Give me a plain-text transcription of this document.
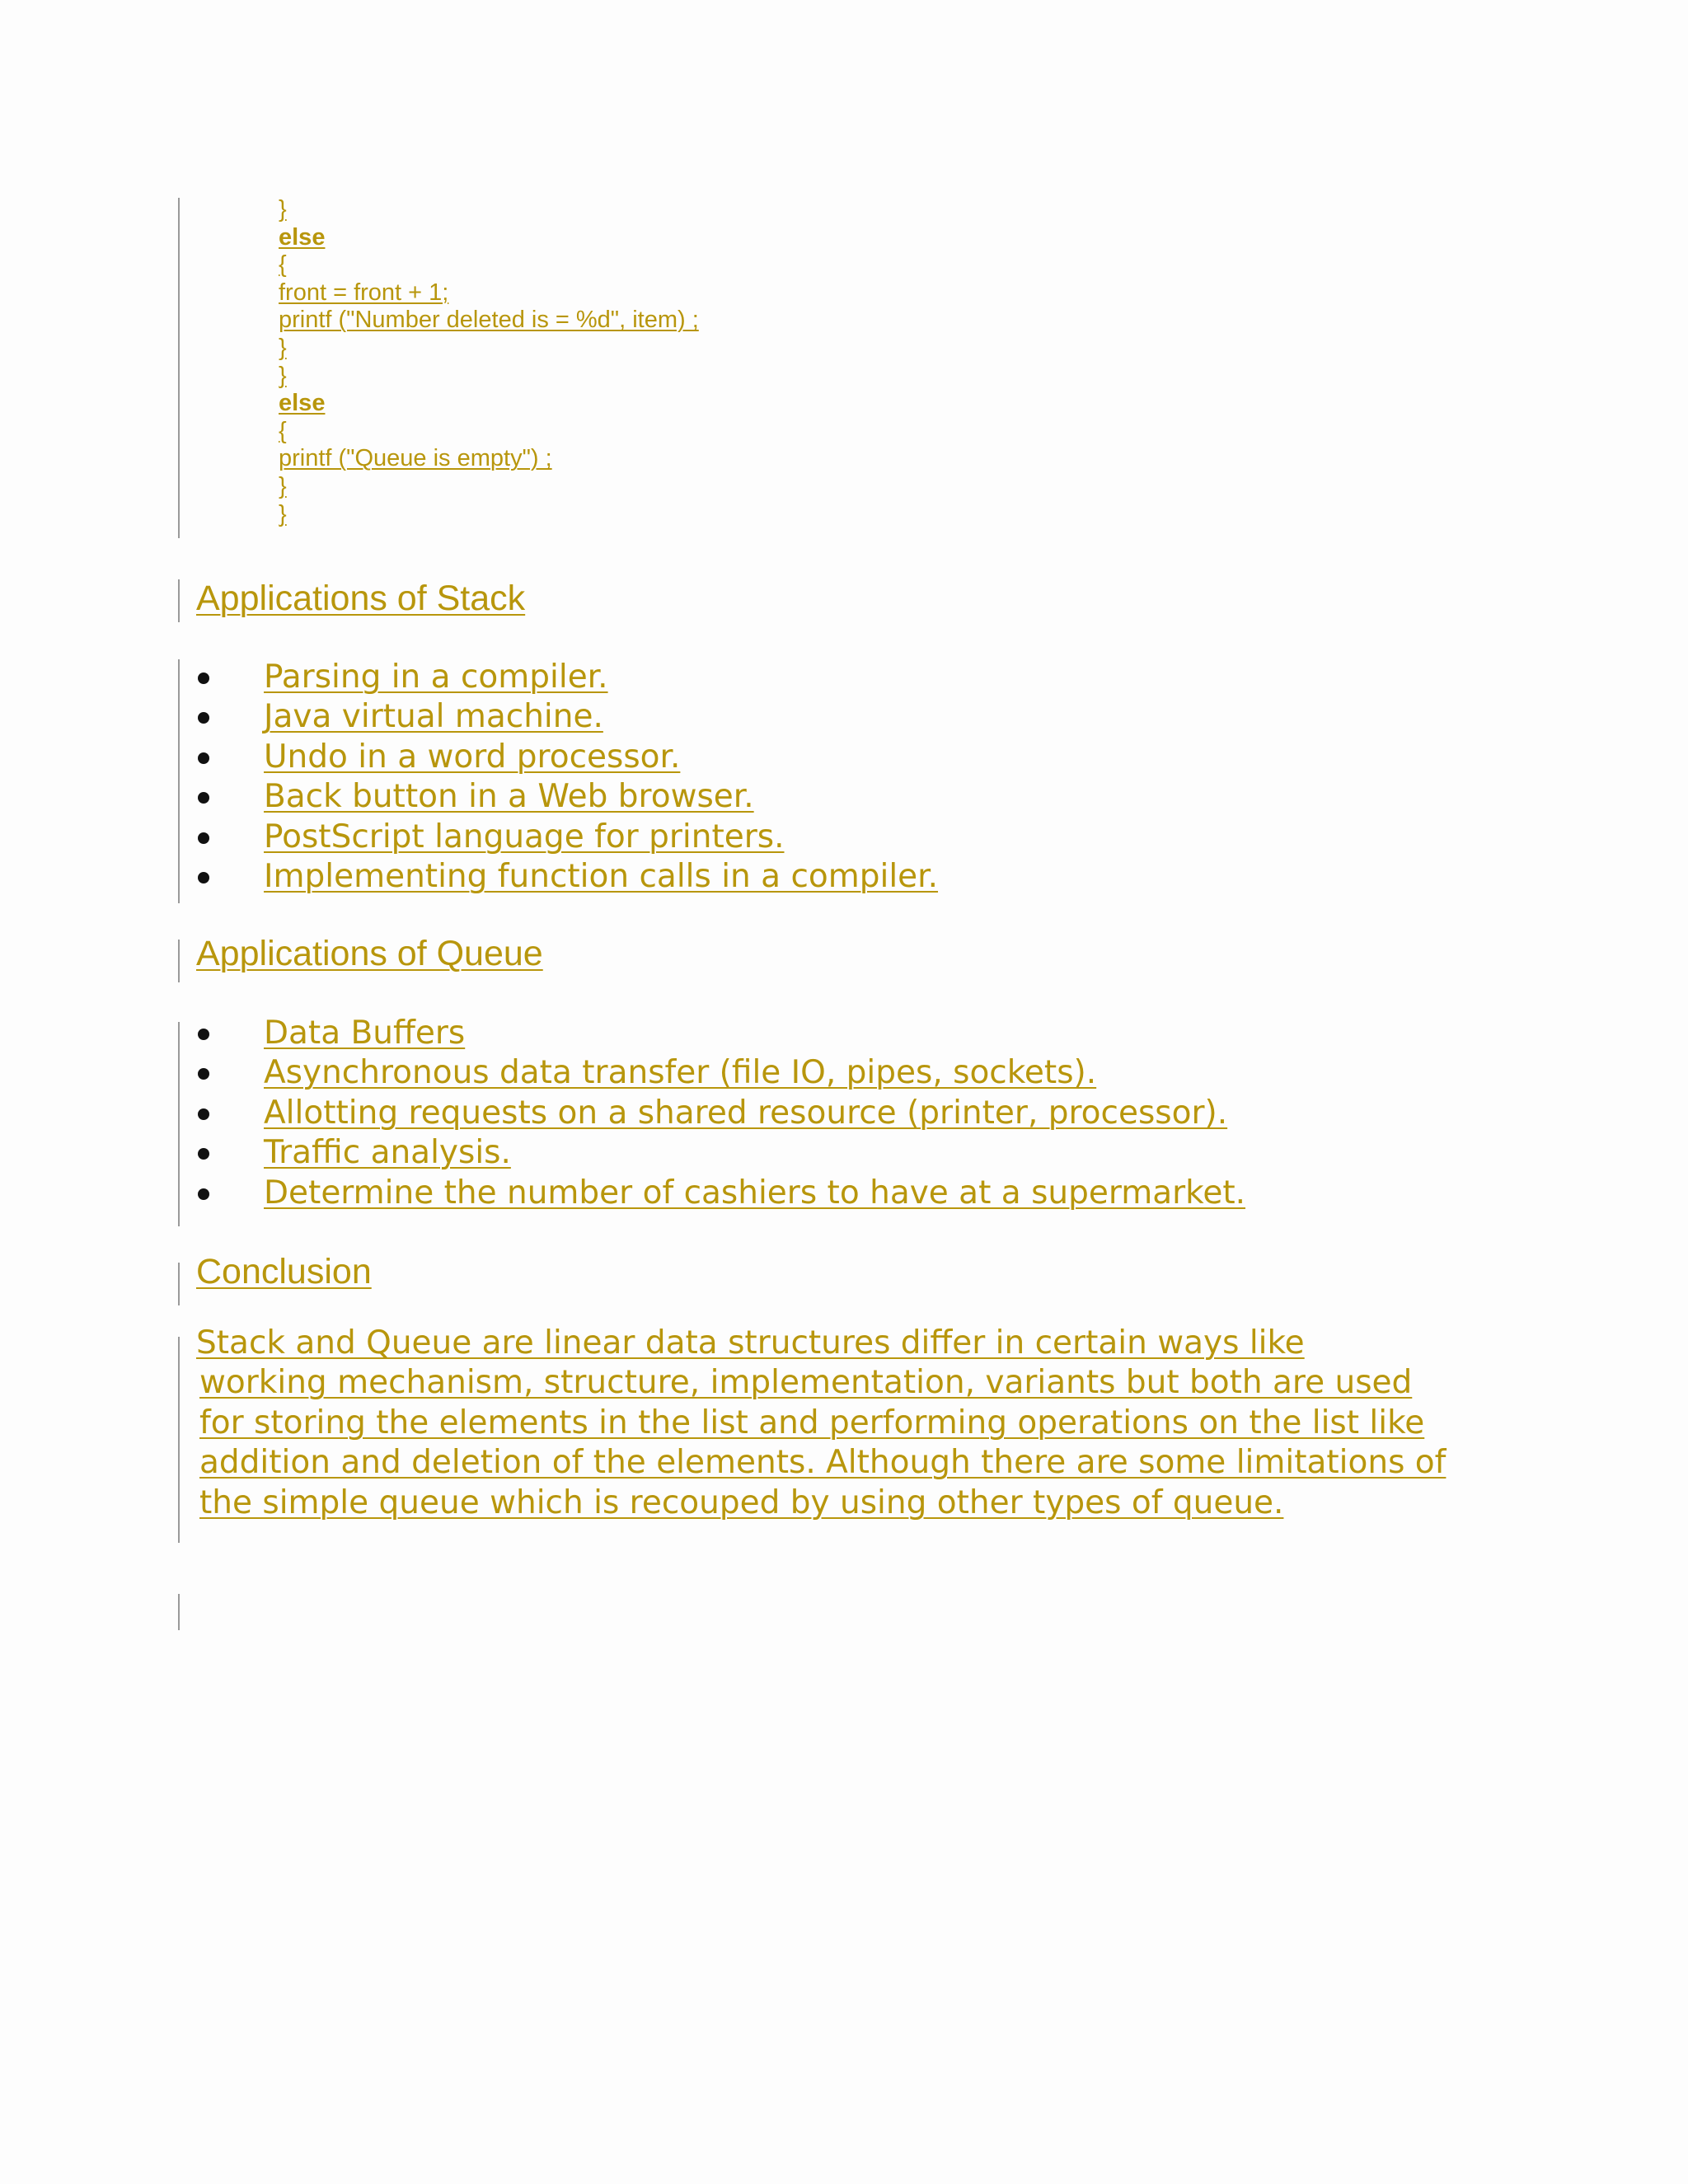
}
else
{
front = front + 1;
printf ("Number deleted is = %d", item) ;
}
}
else
{
printf ("Queue is empty") ;
}
}
Applications of Stack
Parsing in a compiler.
Java virtual machine.
Undo in a word processor.
Back button in a Web browser.
PostScript language for printers.
Implementing function calls in a compiler.
Applications of Queue
Data Buffers
Asynchronous data transfer (file IO, pipes, sockets).
Allotting requests on a shared resource (printer, processor).
Traffic analysis.
Determine the number of cashiers to have at a supermarket.
Conclusion
Stack and Queue are linear data structures differ in certain ways like
working mechanism, structure, implementation, variants but both are used
for storing the elements in the list and performing operations on the list like
addition and deletion of the elements. Although there are some limitations of
the simple queue which is recouped by using other types of queue.
